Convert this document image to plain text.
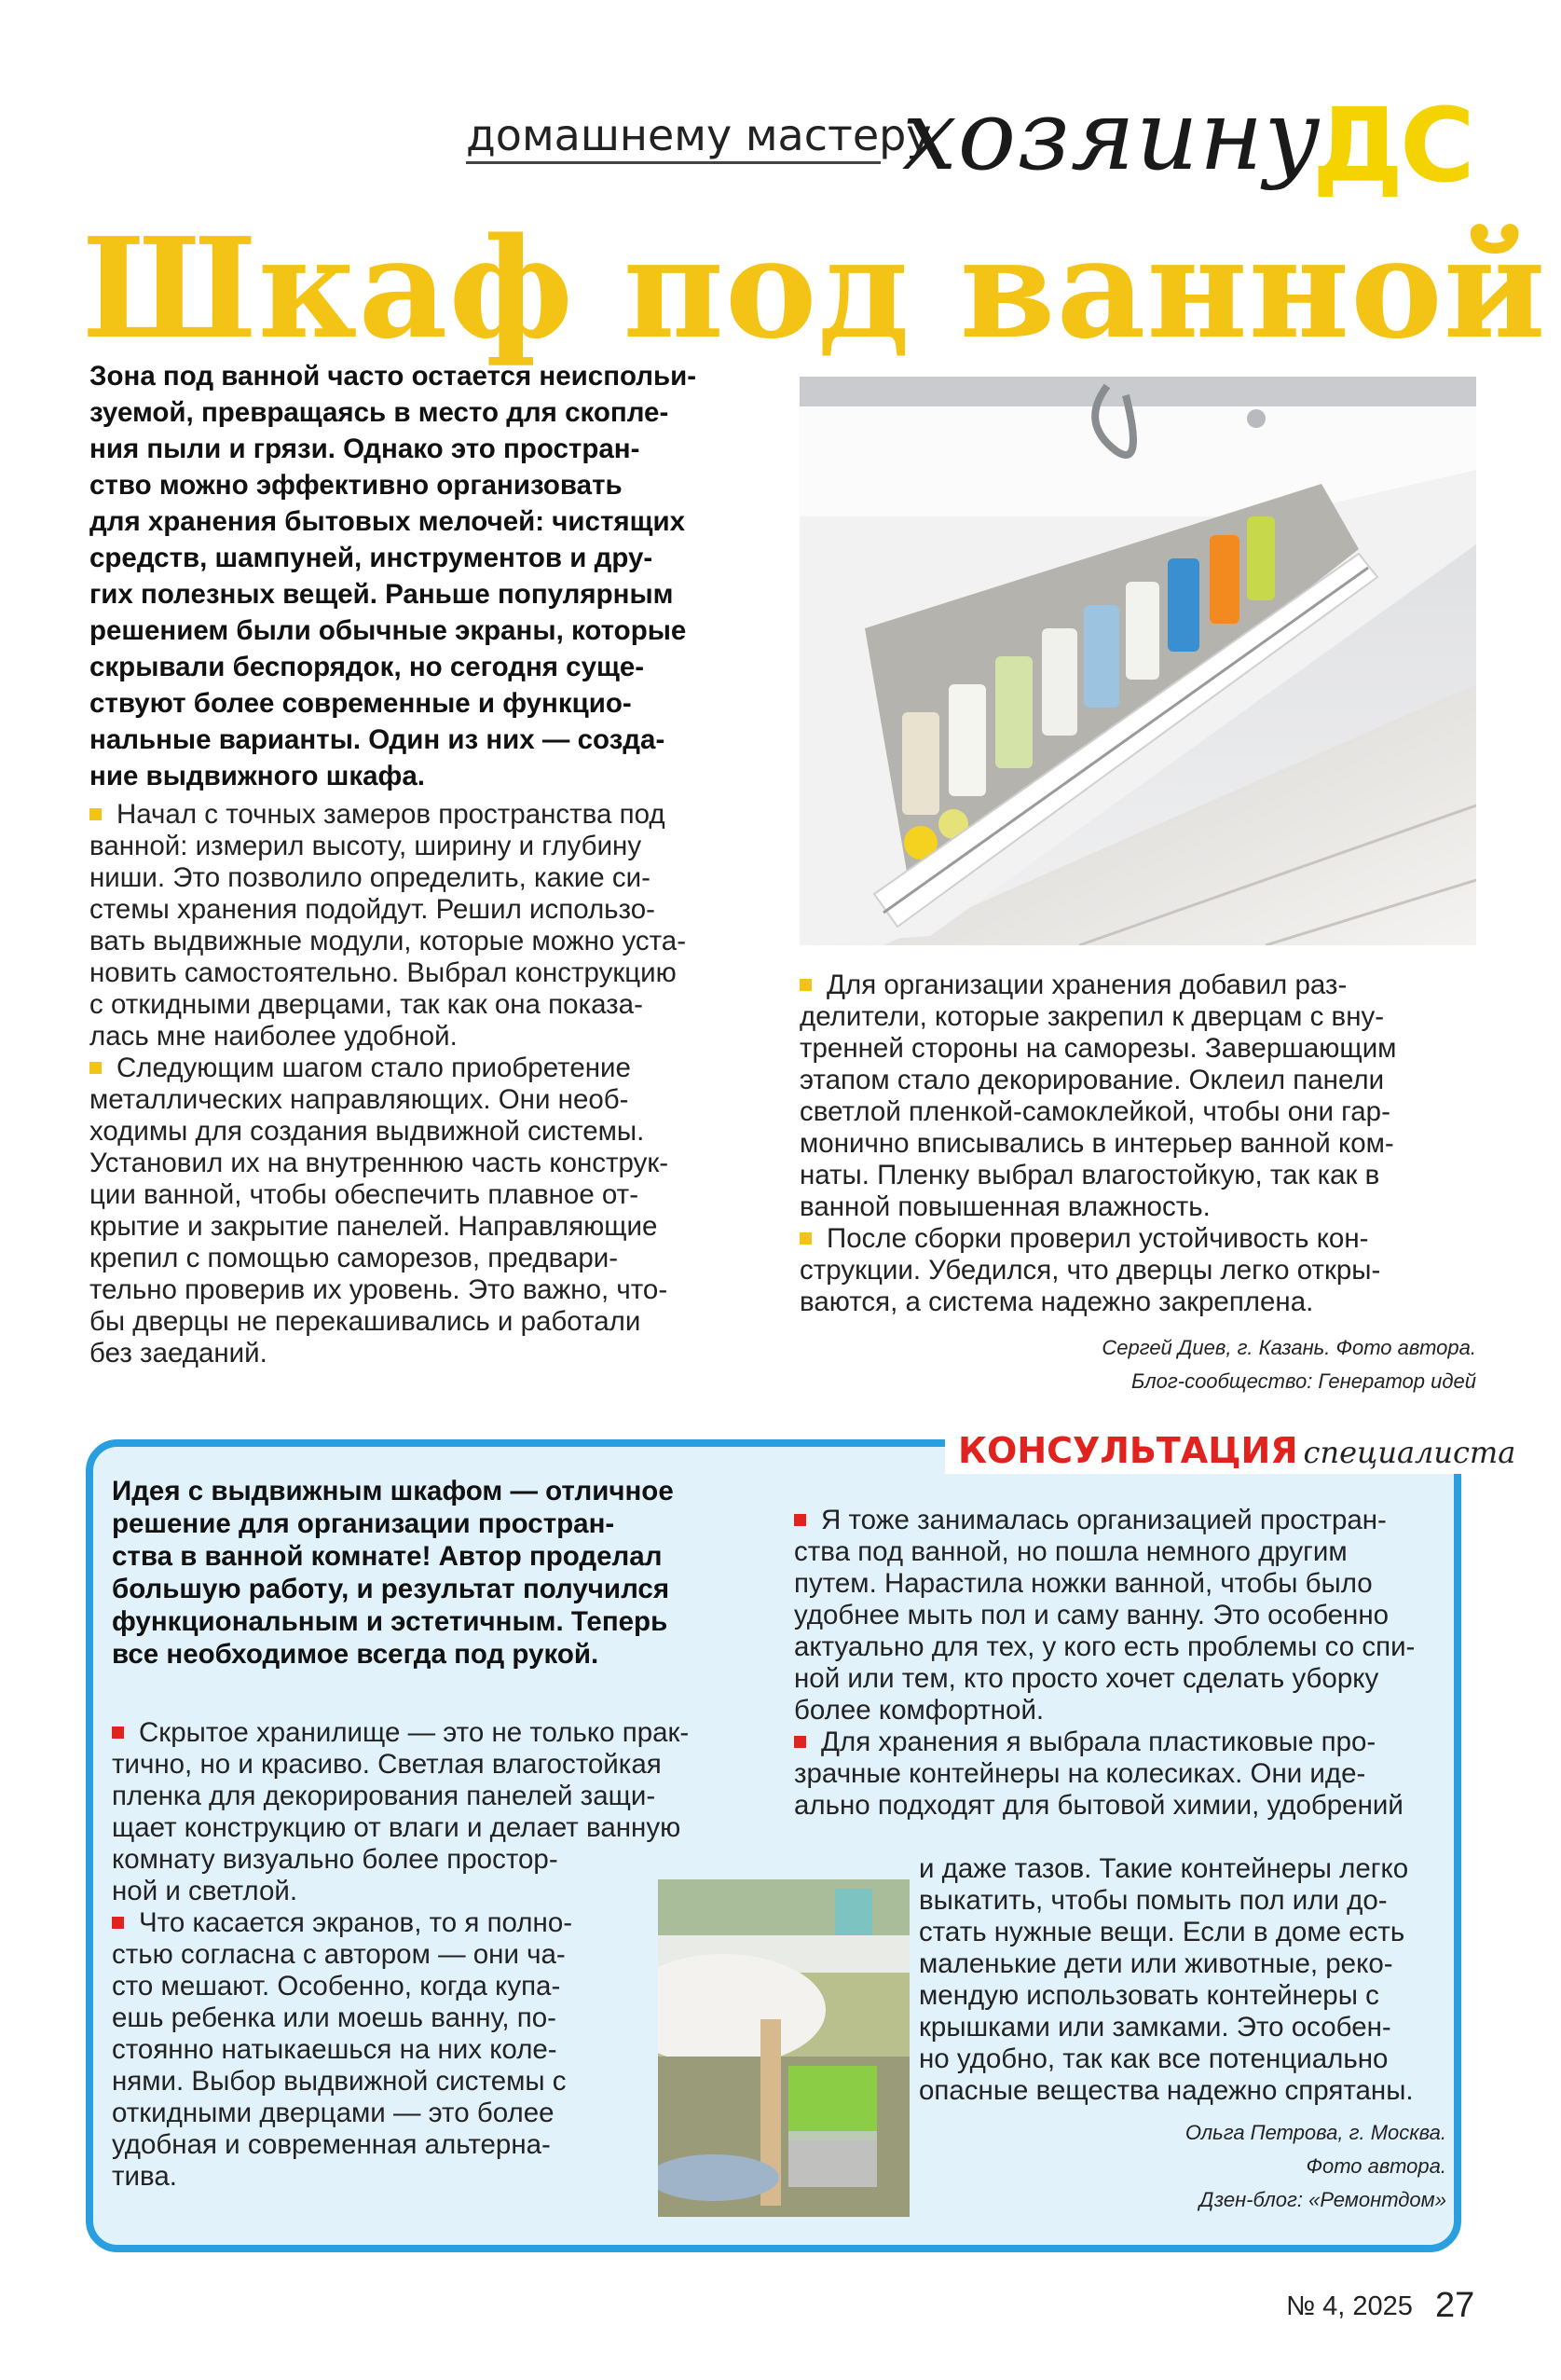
домашнему мастеру
хозяину
ДС
Шкаф под ванной

Зона под ванной часто остается неиспольи-

зуемой, превращаясь в место для скопле-

ния пыли и грязи. Однако это простран-

ство можно эффективно организовать

для хранения бытовых мелочей: чистящих

средств, шампуней, инструментов и дру-

гих полезных вещей. Раньше популярным

решением были обычные экраны, которые

скрывали беспорядок, но сегодня суще-

ствуют более современные и функцио-

нальные варианты. Один из них — созда-

ние выдвижного шкафа.

Начал с точных замеров пространства под

ванной: измерил высоту, ширину и глубину

ниши. Это позволило определить, какие си-

стемы хранения подойдут. Решил использо-

вать выдвижные модули, которые можно уста-

новить самостоятельно. Выбрал конструкцию

с откидными дверцами, так как она показа-

лась мне наиболее удобной.

Следующим шагом стало приобретение

металлических направляющих. Они необ-

ходимы для создания выдвижной системы.

Установил их на внутреннюю часть конструк-

ции ванной, чтобы обеспечить плавное от-

крытие и закрытие панелей. Направляющие

крепил с помощью саморезов, предвари-

тельно проверив их уровень. Это важно, что-

бы дверцы не перекашивались и работали

без заеданий.

Для организации хранения добавил раз-

делители, которые закрепил к дверцам с вну-

тренней стороны на саморезы. Завершающим

этапом стало декорирование. Оклеил панели

светлой пленкой-самоклейкой, чтобы они гар-

монично вписывались в интерьер ванной ком-

наты. Пленку выбрал влагостойкую, так как в

ванной повышенная влажность.

После сборки проверил устойчивость кон-

струкции. Убедился, что дверцы легко откры-

ваются, а система надежно закреплена.

Сергей Диев, г. Казань. Фото автора.
Блог-сообщество: Генератор идей
КОНСУЛЬТАЦИЯ специалиста

Идея с выдвижным шкафом — отличное

решение для организации простран-

ства в ванной комнате! Автор проделал

большую работу, и результат получился

функциональным и эстетичным. Теперь

все необходимое всегда под рукой.

Скрытое хранилище — это не только прак-

тично, но и красиво. Светлая влагостойкая

пленка для декорирования панелей защи-

щает конструкцию от влаги и делает ванную

комнату визуально более простор-

ной и светлой.

Что касается экранов, то я полно-

стью согласна с автором — они ча-

сто мешают. Особенно, когда купа-

ешь ребенка или моешь ванну, по-

стоянно натыкаешься на них коле-

нями. Выбор выдвижной системы с

откидными дверцами — это более

удобная и современная альтерна-

тива.

Я тоже занималась организацией простран-

ства под ванной, но пошла немного другим

путем. Нарастила ножки ванной, чтобы было

удобнее мыть пол и саму ванну. Это особенно

актуально для тех, у кого есть проблемы со спи-

ной или тем, кто просто хочет сделать уборку

более комфортной.

Для хранения я выбрала пластиковые про-

зрачные контейнеры на колесиках. Они иде-

ально подходят для бытовой химии, удобрений

и даже тазов. Такие контейнеры легко

выкатить, чтобы помыть пол или до-

стать нужные вещи. Если в доме есть

маленькие дети или животные, реко-

мендую использовать контейнеры с

крышками или замками. Это особен-

но удобно, так как все потенциально

опасные вещества надежно спрятаны.

Ольга Петрова, г. Москва.
Фото автора.
Дзен-блог: «Ремонтдом»
№ 4, 2025 27
